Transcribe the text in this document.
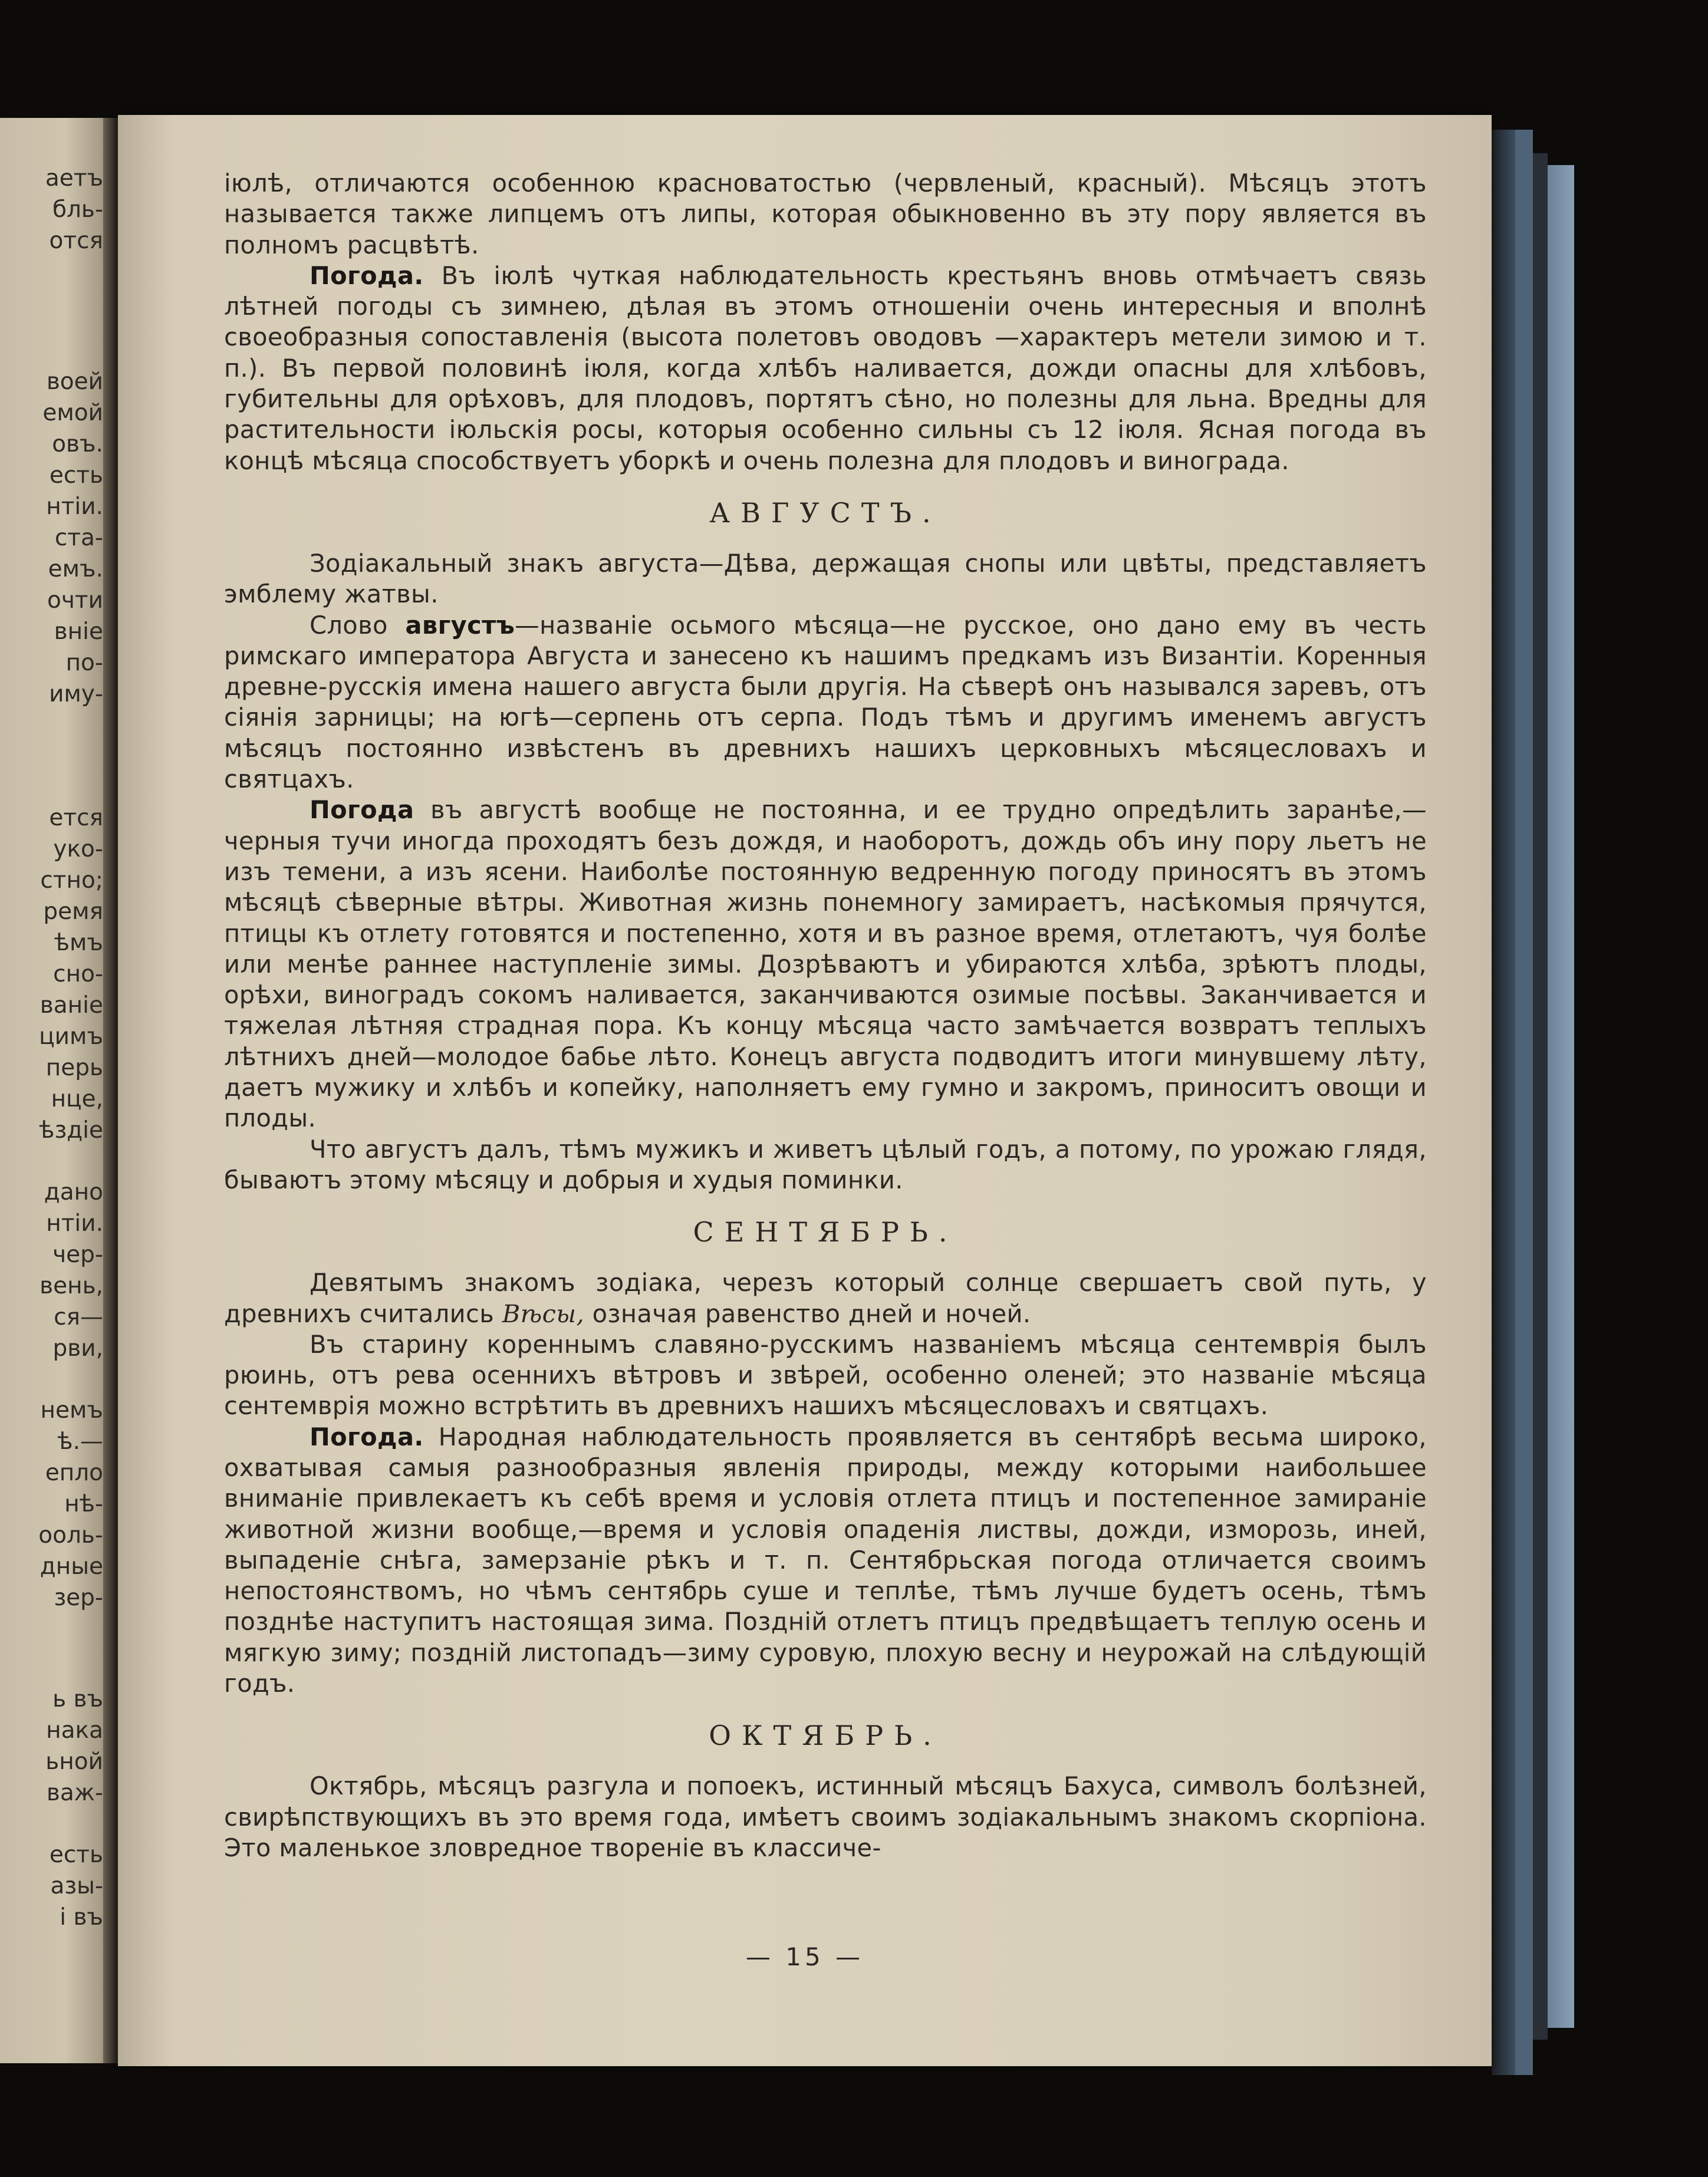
аетъ
бль-
отся
воей
емой
овъ.
есть
нтіи.
ста-
емъ.
очти
вніе
по-
иму-
ется
уко-
стно;
ремя
ѣмъ
сно-
ваніе
цимъ
перь
нце,
ѣздіе
дано
нтіи.
чер-
вень,
ся—
рви,
немъ
ѣ.—
епло
нѣ-
ооль-
дные
зер-
ь въ
нака
ьной
важ-
есть
азы-
і въ

іюлѣ, отличаются особенною красноватостью (червленый, красный). Мѣсяцъ этотъ называется также липцемъ отъ липы, которая обыкновенно въ эту пору является въ полномъ расцвѣтѣ.

Погода. Въ іюлѣ чуткая наблюдательность крестьянъ вновь отмѣчаетъ связь лѣтней погоды съ зимнею, дѣлая въ этомъ отношеніи очень интересныя и вполнѣ своеобразныя сопоставленія (высота полетовъ оводовъ —характеръ метели зимою и т. п.). Въ первой половинѣ іюля, когда хлѣбъ наливается, дожди опасны для хлѣбовъ, губительны для орѣховъ, для плодовъ, портятъ сѣно, но полезны для льна. Вредны для растительности іюльскія росы, которыя особенно сильны съ 12 іюля. Ясная погода въ концѣ мѣсяца способствуетъ уборкѣ и очень полезна для плодовъ и винограда.

АВГУСТЪ.

Зодіакальный знакъ августа—Дѣва, держащая снопы или цвѣты, представляетъ эмблему жатвы.

Слово августъ—названіе осьмого мѣсяца—не русское, оно дано ему въ честь римскаго императора Августа и занесено къ нашимъ предкамъ изъ Византіи. Коренныя древне-русскія имена нашего августа были другія. На сѣверѣ онъ назывался заревъ, отъ сіянія зарницы; на югѣ—серпень отъ серпа. Подъ тѣмъ и другимъ именемъ августъ мѣсяцъ постоянно извѣстенъ въ древнихъ нашихъ церковныхъ мѣсяцесловахъ и святцахъ.

Погода въ августѣ вообще не постоянна, и ее трудно опредѣлить заранѣе,—черныя тучи иногда проходятъ безъ дождя, и наоборотъ, дождь объ ину пору льетъ не изъ темени, а изъ ясени. Наиболѣе постоянную ведренную погоду приносятъ въ этомъ мѣсяцѣ сѣверные вѣтры. Животная жизнь понемногу замираетъ, насѣкомыя прячутся, птицы къ отлету готовятся и постепенно, хотя и въ разное время, отлетаютъ, чуя болѣе или менѣе раннее наступленіе зимы. Дозрѣваютъ и убираются хлѣба, зрѣютъ плоды, орѣхи, виноградъ сокомъ наливается, заканчиваются озимые посѣвы. Заканчивается и тяжелая лѣтняя страдная пора. Къ концу мѣсяца часто замѣчается возвратъ теплыхъ лѣтнихъ дней—молодое бабье лѣто. Конецъ августа подводитъ итоги минувшему лѣту, даетъ мужику и хлѣбъ и копейку, наполняетъ ему гумно и закромъ, приноситъ овощи и плоды.

Что августъ далъ, тѣмъ мужикъ и живетъ цѣлый годъ, а потому, по урожаю глядя, бываютъ этому мѣсяцу и добрыя и худыя поминки.

СЕНТЯБРЬ.

Девятымъ знакомъ зодіака, черезъ который солнце свершаетъ свой путь, у древнихъ считались Вѣсы, означая равенство дней и ночей.

Въ старину кореннымъ славяно-русскимъ названіемъ мѣсяца сентемврія былъ рюинь, отъ рева осеннихъ вѣтровъ и звѣрей, особенно оленей; это названіе мѣсяца сентемврія можно встрѣтить въ древнихъ нашихъ мѣсяцесловахъ и святцахъ.

Погода. Народная наблюдательность проявляется въ сентябрѣ весьма широко, охватывая самыя разнообразныя явленія природы, между которыми наибольшее вниманіе привлекаетъ къ себѣ время и условія отлета птицъ и постепенное замираніе животной жизни вообще,—время и условія опаденія листвы, дожди, изморозь, иней, выпаденіе снѣга, замерзаніе рѣкъ и т. п. Сентябрьская погода отличается своимъ непостоянствомъ, но чѣмъ сентябрь суше и теплѣе, тѣмъ лучше будетъ осень, тѣмъ позднѣе наступитъ настоящая зима. Поздній отлетъ птицъ предвѣщаетъ теплую осень и мягкую зиму; поздній листопадъ—зиму суровую, плохую весну и неурожай на слѣдующій годъ.

ОКТЯБРЬ.

Октябрь, мѣсяцъ разгула и попоекъ, истинный мѣсяцъ Бахуса, символъ болѣзней, свирѣпствующихъ въ это время года, имѣетъ своимъ зодіакальнымъ знакомъ скорпіона. Это маленькое зловредное твореніе въ классиче-

— 15 —
